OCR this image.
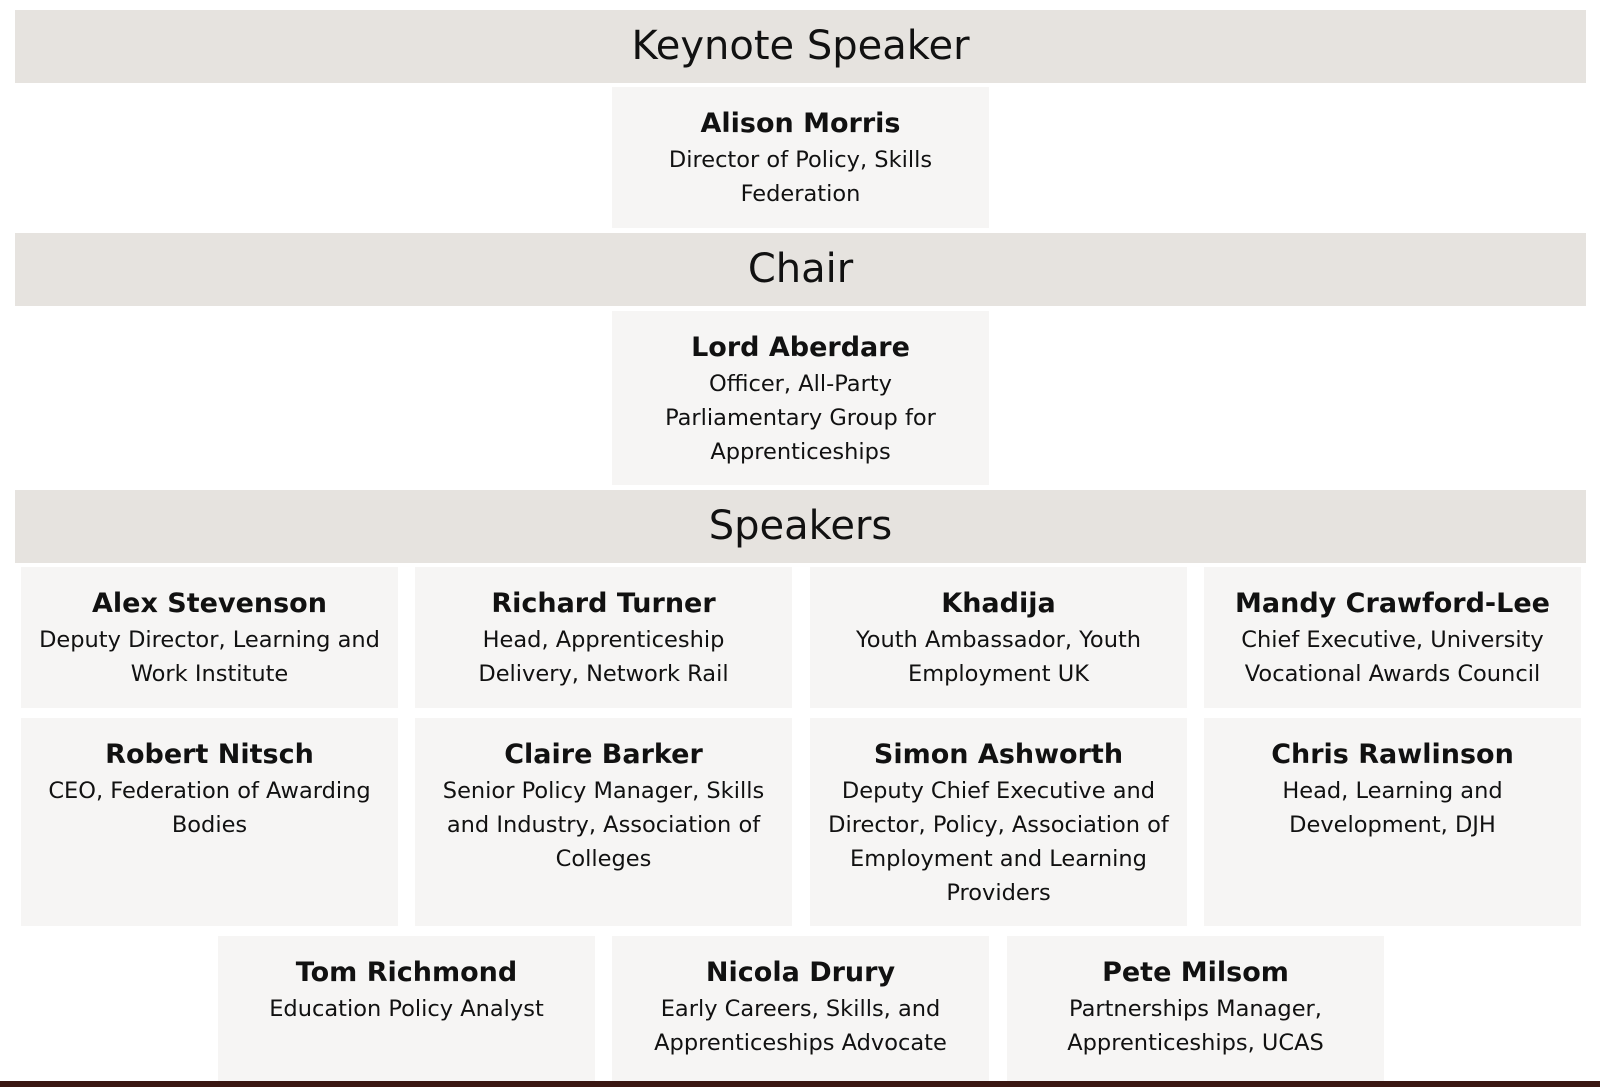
Keynote Speaker
Alison Morris
Director of Policy, Skills Federation
Chair
Lord Aberdare
Officer, All-Party Parliamentary Group for Apprenticeships
Speakers
Alex Stevenson
Deputy Director, Learning and Work Institute
Richard Turner
Head, Apprenticeship Delivery, Network Rail
Khadija
Youth Ambassador, Youth Employment UK
Mandy Crawford-Lee
Chief Executive, University Vocational Awards Council
Robert Nitsch
CEO, Federation of Awarding Bodies
Claire Barker
Senior Policy Manager, Skills and Industry, Association of Colleges
Simon Ashworth
Deputy Chief Executive and Director, Policy, Association of Employment and Learning Providers
Chris Rawlinson
Head, Learning and Development, DJH
Tom Richmond
Education Policy Analyst
Nicola Drury
Early Careers, Skills, and Apprenticeships Advocate
Pete Milsom
Partnerships Manager, Apprenticeships, UCAS
